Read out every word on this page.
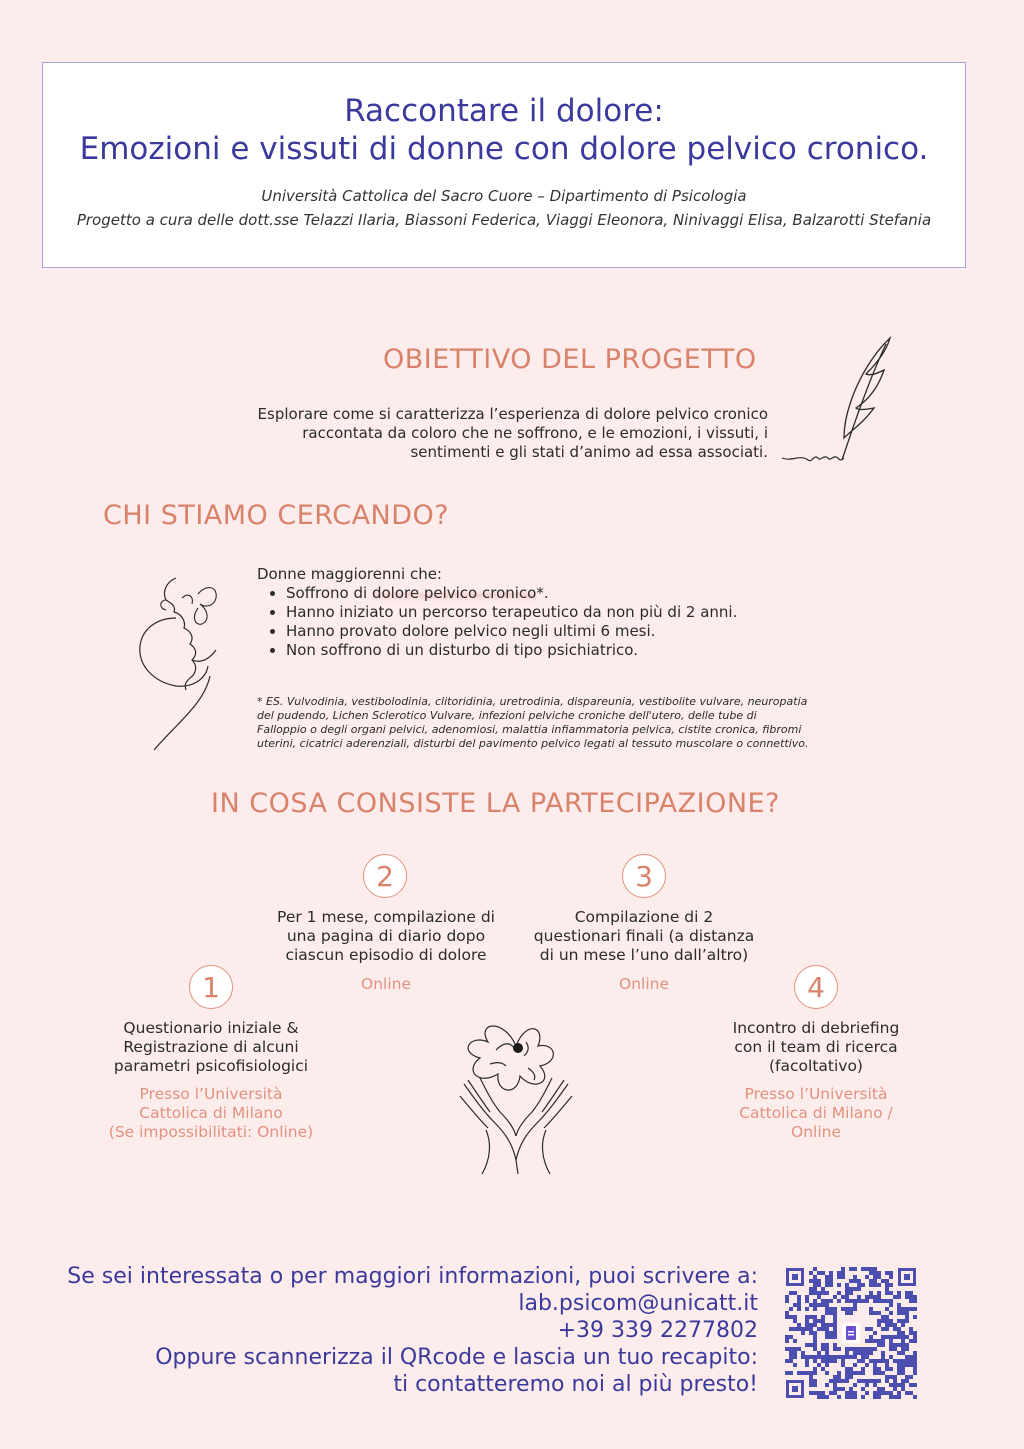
Raccontare il dolore:
Emozioni e vissuti di donne con dolore pelvico cronico.
Università Cattolica del Sacro Cuore – Dipartimento di Psicologia
Progetto a cura delle dott.sse Telazzi Ilaria, Biassoni Federica, Viaggi Eleonora, Ninivaggi Elisa, Balzarotti Stefania
OBIETTIVO DEL PROGETTO
Esplorare come si caratterizza l’esperienza di dolore pelvico cronico
raccontata da coloro che ne soffrono, e le emozioni, i vissuti, i
sentimenti e gli stati d’animo ad essa associati.
CHI STIAMO CERCANDO?
Donne maggiorenni che:
• Soffrono di dolore pelvico cronico*.
• Hanno iniziato un percorso terapeutico da non più di 2 anni.
• Hanno provato dolore pelvico negli ultimi 6 mesi.
• Non soffrono di un disturbo di tipo psichiatrico.
* ES. Vulvodinia, vestibolodinia, clitoridinia, uretrodinia, dispareunia, vestibolite vulvare, neuropatia
del pudendo, Lichen Sclerotico Vulvare, infezioni pelviche croniche dell'utero, delle tube di
Falloppio o degli organi pelvici, adenomiosi, malattia infiammatoria pelvica, cistite cronica, fibromi
uterini, cicatrici aderenziali, disturbi del pavimento pelvico legati al tessuto muscolare o connettivo.
IN COSA CONSISTE LA PARTECIPAZIONE?
2
Per 1 mese, compilazione di
una pagina di diario dopo
ciascun episodio di dolore
Online
3
Compilazione di 2
questionari finali (a distanza
di un mese l’uno dall’altro)
Online
1
Questionario iniziale &
Registrazione di alcuni
parametri psicofisiologici
Presso l’Università
Cattolica di Milano
(Se impossibilitati: Online)
4
Incontro di debriefing
con il team di ricerca
(facoltativo)
Presso l’Università
Cattolica di Milano /
Online
Se sei interessata o per maggiori informazioni, puoi scrivere a:
lab.psicom@unicatt.it
+39 339 2277802
Oppure scannerizza il QRcode e lascia un tuo recapito:
ti contatteremo noi al più presto!
